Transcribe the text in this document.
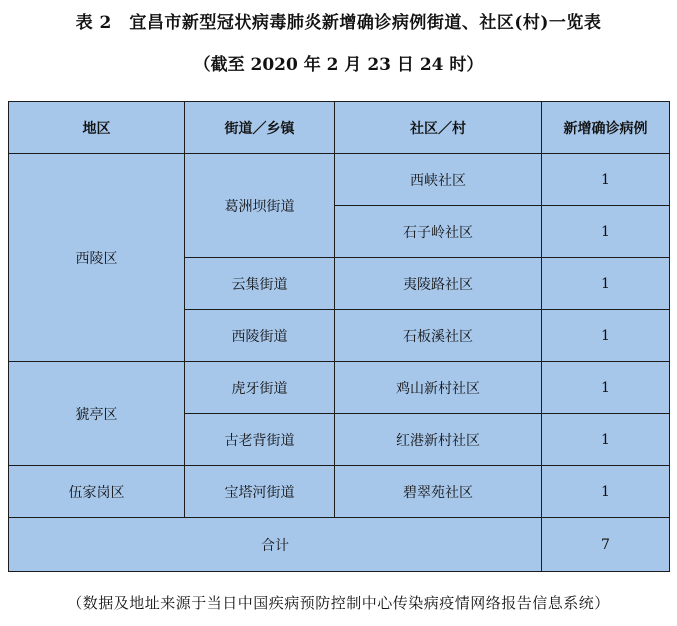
表 2　宜昌市新型冠状病毒肺炎新增确诊病例街道、社区(村)一览表
（截至 2020 年 2 月 23 日 24 时）
地区	街道／乡镇	社区／村	新增确诊病例
西陵区	葛洲坝街道	西峡社区	1
		石子岭社区	1
	云集街道	夷陵路社区	1
	西陵街道	石板溪社区	1
猇亭区	虎牙街道	鸡山新村社区	1
	古老背街道	红港新村社区	1
伍家岗区	宝塔河街道	碧翠苑社区	1
合计			7
（数据及地址来源于当日中国疾病预防控制中心传染病疫情网络报告信息系统）
